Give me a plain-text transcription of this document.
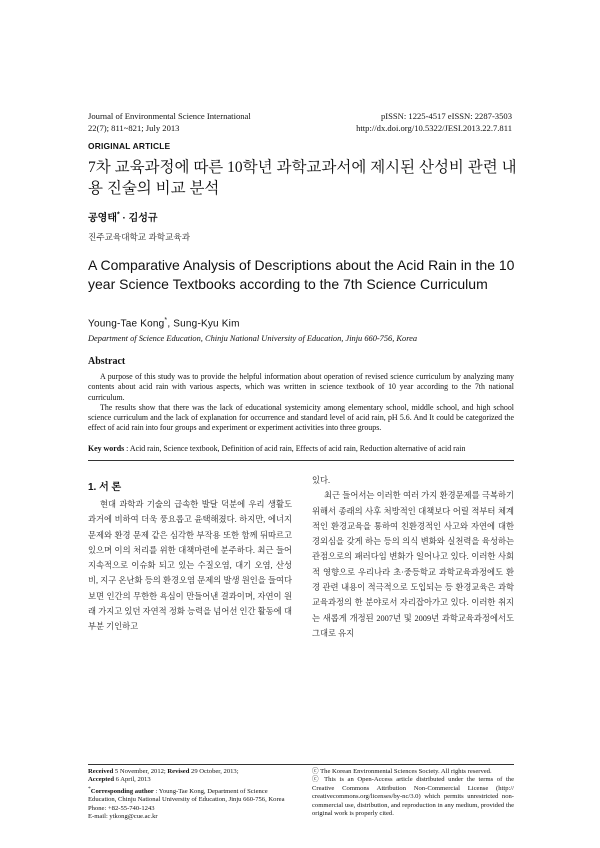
Journal of Environmental Science International
22(7); 811~821; July 2013
pISSN: 1225-4517 eISSN: 2287-3503
http://dx.doi.org/10.5322/JESI.2013.22.7.811
ORIGINAL ARTICLE
7차 교육과정에 따른 10학년 과학교과서에 제시된 산성비 관련 내용 진술의 비교 분석
공영태* · 김성규
진주교육대학교 과학교육과
A Comparative Analysis of Descriptions about the Acid Rain in the 10 year Science Textbooks according to the 7th Science Curriculum
Young-Tae Kong*, Sung-Kyu Kim
Department of Science Education, Chinju National University of Education, Jinju 660-756, Korea
Abstract

A purpose of this study was to provide the helpful information about operation of revised science curriculum by analyzing many contents about acid rain with various aspects, which was written in science textbook of 10 year according to the 7th national curriculum.

The results show that there was the lack of educational systemicity among elementary school, middle school, and high school science curriculum and the lack of explanation for occurrence and standard level of acid rain, pH 5.6. And It could be categorized the effect of acid rain into four groups and experiment or experiment activities into three groups.

Key words : Acid rain, Science textbook, Definition of acid rain, Effects of acid rain, Reduction alternative of acid rain
1. 서 론

현대 과학과 기술의 급속한 발달 덕분에 우리 생활도 과거에 비하여 더욱 풍요롭고 윤택해졌다. 하지만, 에너지 문제와 환경 문제 같은 심각한 부작용 또한 함께 뒤따르고 있으며 이의 처리를 위한 대책마련에 분주하다. 최근 들어 지속적으로 이슈화 되고 있는 수질오염, 대기 오염, 산성비, 지구 온난화 등의 환경오염 문제의 발생 원인을 들여다보면 인간의 무한한 욕심이 만들어낸 결과이며, 자연이 원래 가지고 있던 자연적 정화 능력을 넘어선 인간 활동에 대부분 기인하고

있다.

최근 들어서는 이러한 여러 가지 환경문제를 극복하기 위해서 종래의 사후 처방적인 대책보다 어릴 적부터 체계적인 환경교육을 통하여 친환경적인 사고와 자연에 대한 경외심을 갖게 하는 등의 의식 변화와 실천력을 육성하는 관점으로의 패러다임 변화가 일어나고 있다. 이러한 사회적 영향으로 우리나라 초·중등학교 과학교육과정에도 환경 관련 내용이 적극적으로 도입되는 등 환경교육은 과학교육과정의 한 분야로서 자리잡아가고 있다. 이러한 취지는 새롭게 개정된 2007년 및 2009년 과학교육과정에서도 그대로 유지

Received 5 November, 2012; Revised 29 October, 2013;
Accepted 6 April, 2013
*Corresponding author : Young-Tae Kong, Department of Science Education, Chinju National University of Education, Jinju 660-756, Korea
Phone: +82-55-740-1243
E-mail: ytkong@cue.ac.kr
ⓒ The Korean Environmental Sciences Society. All rights reserved.
ⓒ This is an Open-Access article distributed under the terms of the Creative Commons Attribution Non-Commercial License (http:// creativecommons.org/licenses/by-nc/3.0) which permits unrestricted non-commercial use, distribution, and reproduction in any medium, provided the original work is properly cited.
